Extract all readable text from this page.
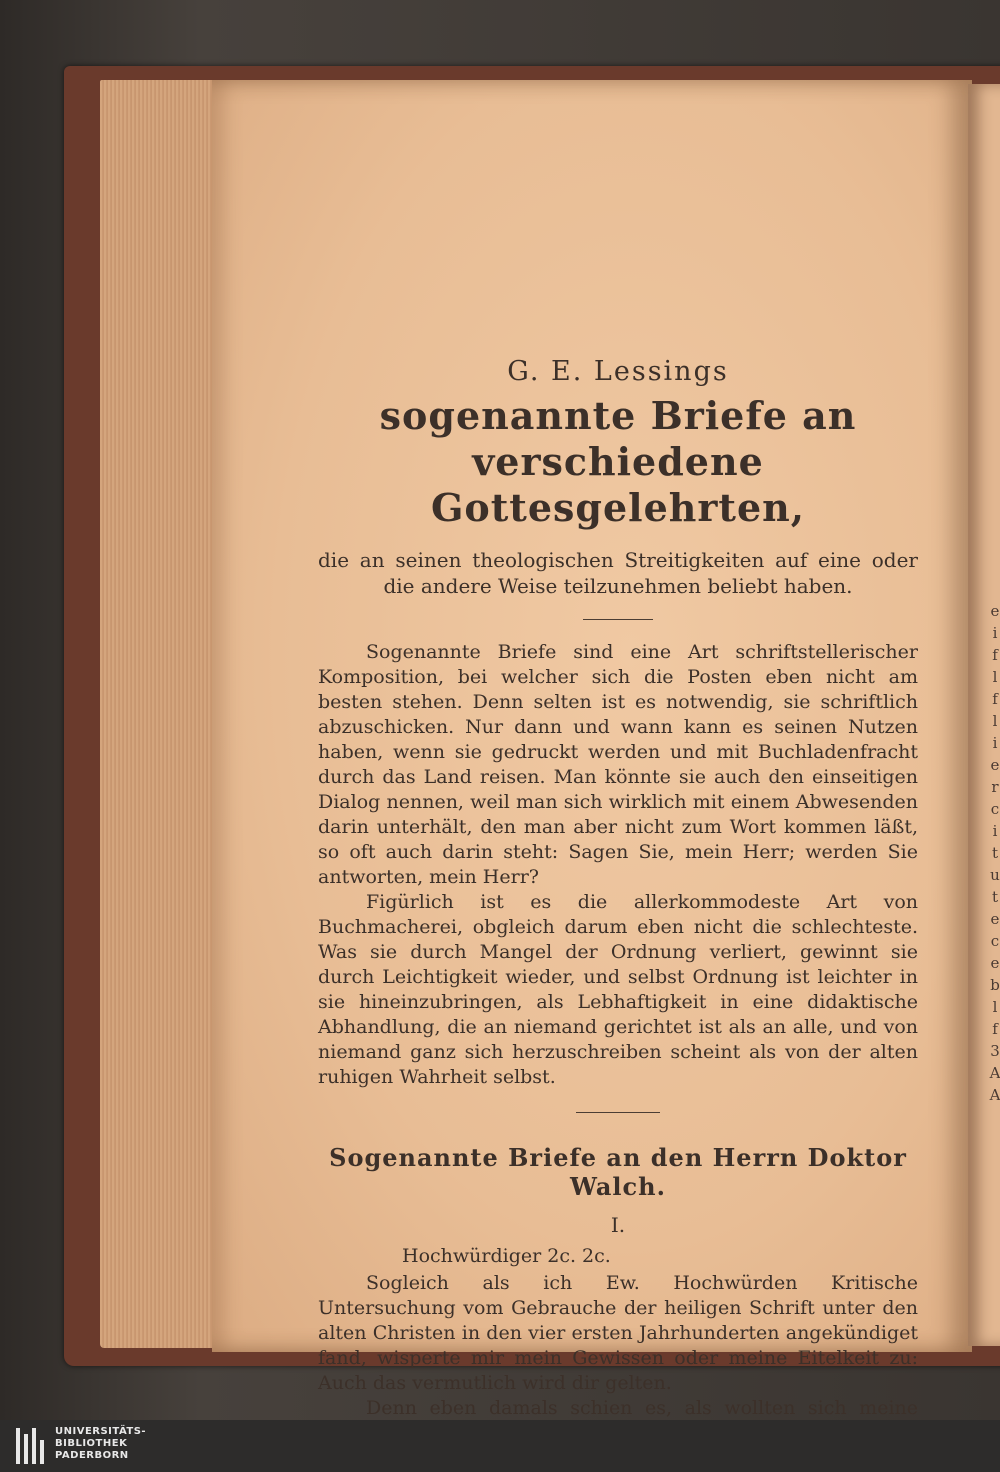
e
i
f
l
f
l
i
e
r
c
i
t
u
t
e
c
e
b
l
f
3
A
A

G. E. Lessings

sogenannte Briefe an verschiedene

Gottesgelehrten,

die an seinen theologischen Streitigkeiten auf eine oder die andere Weise teilzunehmen beliebt haben.

Sogenannte Briefe sind eine Art schriftstellerischer Komposition, bei welcher sich die Posten eben nicht am besten stehen. Denn selten ist es notwendig, sie schriftlich abzuschicken. Nur dann und wann kann es seinen Nutzen haben, wenn sie gedruckt werden und mit Buchladenfracht durch das Land reisen. Man könnte sie auch den einseitigen Dialog nennen, weil man sich wirklich mit einem Abwesenden darin unterhält, den man aber nicht zum Wort kommen läßt, so oft auch darin steht: Sagen Sie, mein Herr; werden Sie antworten, mein Herr?

Figürlich ist es die allerkommodeste Art von Buchmacherei, obgleich darum eben nicht die schlechteste. Was sie durch Mangel der Ordnung verliert, gewinnt sie durch Leichtigkeit wieder, und selbst Ordnung ist leichter in sie hineinzubringen, als Lebhaftigkeit in eine didaktische Abhandlung, die an niemand gerichtet ist als an alle, und von niemand ganz sich herzuschreiben scheint als von der alten ruhigen Wahrheit selbst.

Sogenannte Briefe an den Herrn Doktor Walch.

I.

Hochwürdiger 2c. 2c.

Sogleich als ich Ew. Hochwürden Kritische Untersuchung vom Gebrauche der heiligen Schrift unter den alten Christen in den vier ersten Jahrhunderten angekündiget fand, wisperte mir mein Gewissen oder meine Eitelkeit zu: Auch das vermutlich wird dir gelten.

Denn eben damals schien es, als wollten sich meine

UNIVERSITÄTS-
BIBLIOTHEK
PADERBORN
